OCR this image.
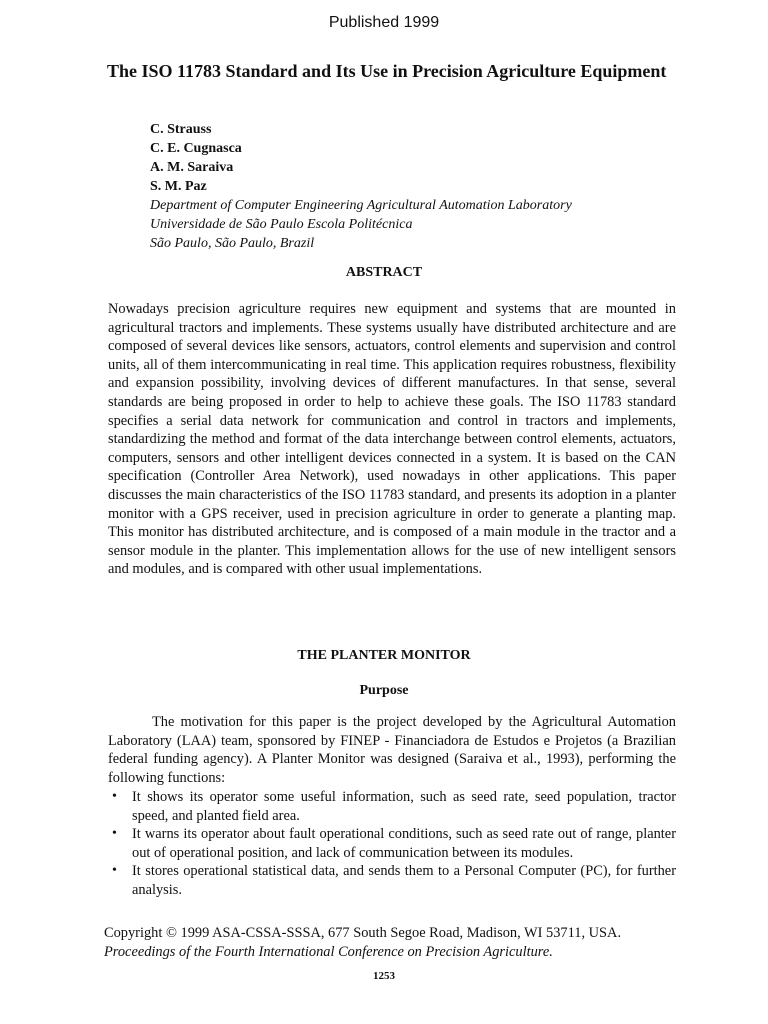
Published 1999
The ISO 11783 Standard and Its Use in Precision Agriculture Equipment
C. Strauss
C. E. Cugnasca
A. M. Saraiva
S. M. Paz
Department of Computer Engineering Agricultural Automation Laboratory
Universidade de São Paulo Escola Politécnica
São Paulo, São Paulo, Brazil
ABSTRACT

Nowadays precision agriculture requires new equipment and systems that are mounted in agricultural tractors and implements. These systems usually have distributed architecture and are composed of several devices like sensors, actuators, control elements and supervision and control units, all of them intercommunicating in real time. This application requires robustness, flexibility and expansion possibility, involving devices of different manufactures. In that sense, several standards are being proposed in order to help to achieve these goals. The ISO 11783 standard specifies a serial data network for communication and control in tractors and implements, standardizing the method and format of the data interchange between control elements, actuators, computers, sensors and other intelligent devices connected in a system. It is based on the CAN specification (Controller Area Network), used nowadays in other applications. This paper discusses the main characteristics of the ISO 11783 standard, and presents its adoption in a planter monitor with a GPS receiver, used in precision agriculture in order to generate a planting map. This monitor has distributed architecture, and is composed of a main module in the tractor and a sensor module in the planter. This implementation allows for the use of new intelligent sensors and modules, and is compared with other usual implementations.

THE PLANTER MONITOR
Purpose

The motivation for this paper is the project developed by the Agricultural Automation Laboratory (LAA) team, sponsored by FINEP - Financiadora de Estudos e Projetos (a Brazilian federal funding agency). A Planter Monitor was designed (Saraiva et al., 1993), performing the following functions:

• It shows its operator some useful information, such as seed rate, seed population, tractor speed, and planted field area.
• It warns its operator about fault operational conditions, such as seed rate out of range, planter out of operational position, and lack of communication between its modules.
• It stores operational statistical data, and sends them to a Personal Computer (PC), for further analysis.

Copyright © 1999 ASA-CSSA-SSSA, 677 South Segoe Road, Madison, WI 53711, USA. Proceedings of the Fourth International Conference on Precision Agriculture.

1253
